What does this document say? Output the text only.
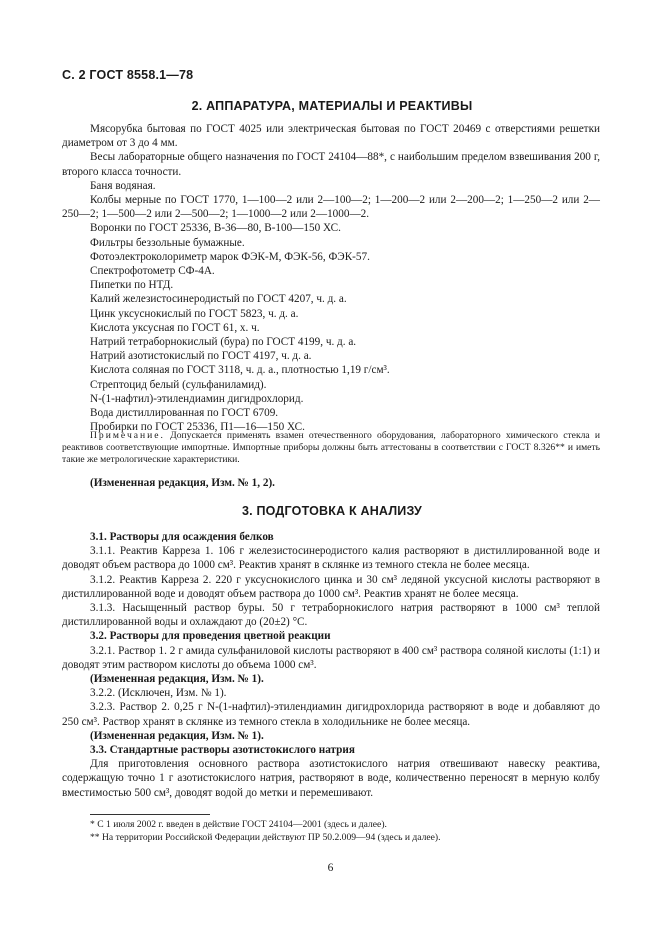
С. 2 ГОСТ 8558.1—78
2. АППАРАТУРА, МАТЕРИАЛЫ И РЕАКТИВЫ

Мясорубка бытовая по ГОСТ 4025 или электрическая бытовая по ГОСТ 20469 с отверстиями решетки диаметром от 3 до 4 мм.

Весы лабораторные общего назначения по ГОСТ 24104—88*, с наибольшим пределом взвешивания 200 г, второго класса точности.

Баня водяная.

Колбы мерные по ГОСТ 1770, 1—100—2 или 2—100—2; 1—200—2 или 2—200—2; 1—250—2 или 2—250—2; 1—500—2 или 2—500—2; 1—1000—2 или 2—1000—2.

Воронки по ГОСТ 25336, В-36—80, В-100—150 ХС.

Фильтры беззольные бумажные.

Фотоэлектроколориметр марок ФЭК-М, ФЭК-56, ФЭК-57.

Спектрофотометр СФ-4А.

Пипетки по НТД.

Калий железистосинеродистый по ГОСТ 4207, ч. д. а.

Цинк уксуснокислый по ГОСТ 5823, ч. д. а.

Кислота уксусная по ГОСТ 61, х. ч.

Натрий тетраборнокислый (бура) по ГОСТ 4199, ч. д. а.

Натрий азотистокислый по ГОСТ 4197, ч. д. а.

Кислота соляная по ГОСТ 3118, ч. д. а., плотностью 1,19 г/см³.

Стрептоцид белый (сульфаниламид).

N-(1-нафтил)-этилендиамин дигидрохлорид.

Вода дистиллированная по ГОСТ 6709.

Пробирки по ГОСТ 25336, П1—16—150 ХС.

Примечание. Допускается применять взамен отечественного оборудования, лабораторного химического стекла и реактивов соответствующие импортные. Импортные приборы должны быть аттестованы в соответствии с ГОСТ 8.326** и иметь такие же метрологические характеристики.

(Измененная редакция, Изм. № 1, 2).

3. ПОДГОТОВКА К АНАЛИЗУ

3.1. Растворы для осаждения белков

3.1.1. Реактив Карреза 1. 106 г железистосинеродистого калия растворяют в дистиллированной воде и доводят объем раствора до 1000 см³. Реактив хранят в склянке из темного стекла не более месяца.

3.1.2. Реактив Карреза 2. 220 г уксуснокислого цинка и 30 см³ ледяной уксусной кислоты растворяют в дистиллированной воде и доводят объем раствора до 1000 см³. Реактив хранят не более месяца.

3.1.3. Насыщенный раствор буры. 50 г тетраборнокислого натрия растворяют в 1000 см³ теплой дистиллированной воды и охлаждают до (20±2) °С.

3.2. Растворы для проведения цветной реакции

3.2.1. Раствор 1. 2 г амида сульфаниловой кислоты растворяют в 400 см³ раствора соляной кислоты (1:1) и доводят этим раствором кислоты до объема 1000 см³.

(Измененная редакция, Изм. № 1).

3.2.2. (Исключен, Изм. № 1).

3.2.3. Раствор 2. 0,25 г N-(1-нафтил)-этилендиамин дигидрохлорида растворяют в воде и добавляют до 250 см³. Раствор хранят в склянке из темного стекла в холодильнике не более месяца.

(Измененная редакция, Изм. № 1).

3.3. Стандартные растворы азотистокислого натрия

Для приготовления основного раствора азотистокислого натрия отвешивают навеску реактива, содержащую точно 1 г азотистокислого натрия, растворяют в воде, количественно переносят в мерную колбу вместимостью 500 см³, доводят водой до метки и перемешивают.

* С 1 июля 2002 г. введен в действие ГОСТ 24104—2001 (здесь и далее).

** На территории Российской Федерации действуют ПР 50.2.009—94 (здесь и далее).

6
